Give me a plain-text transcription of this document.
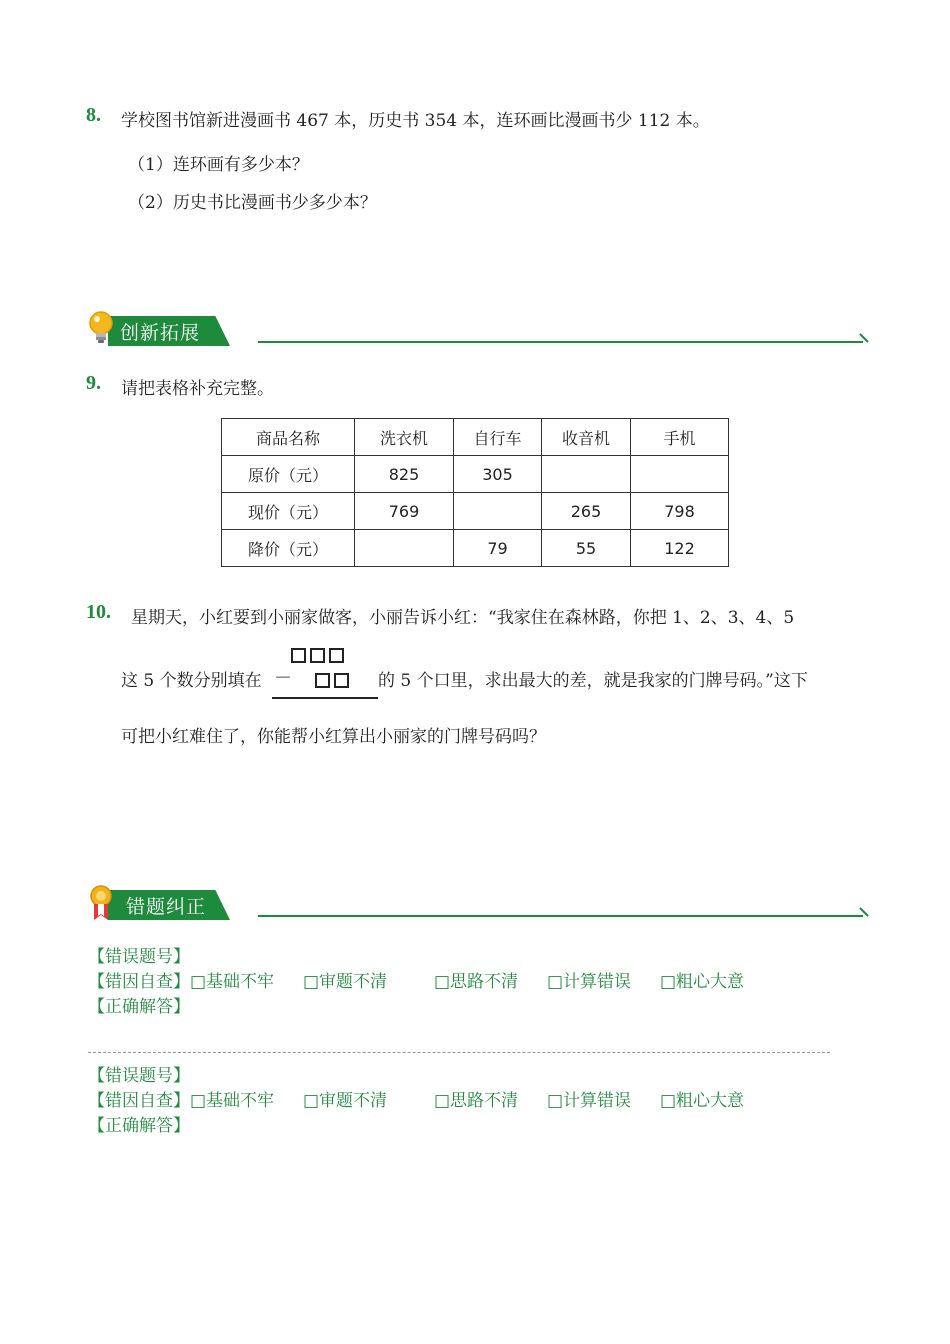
8. 学校图书馆新进漫画书 467 本，历史书 354 本，连环画比漫画书少 112 本。
（1）连环画有多少本？
（2）历史书比漫画书少多少本？
创新拓展
9. 请把表格补充完整。
商品名称	洗衣机	自行车	收音机	手机
原价（元）	825	305		
现价（元）	769		265	798
降价（元）		79	55	122
10. 星期天，小红要到小丽家做客，小丽告诉小红：“我家住在森林路，你把 1、2、3、4、5
这 5 个数分别填在 －	的 5 个口里，求出最大的差，就是我家的门牌号码。”这下
可把小红难住了，你能帮小红算出小丽家的门牌号码吗？
错题纠正
【错误题号】
【错因自查】□基础不牢 □审题不清	□思路不清 □计算错误 □粗心大意
【正确解答】
【错误题号】
【错因自查】□基础不牢 □审题不清	□思路不清 □计算错误 □粗心大意
【正确解答】
